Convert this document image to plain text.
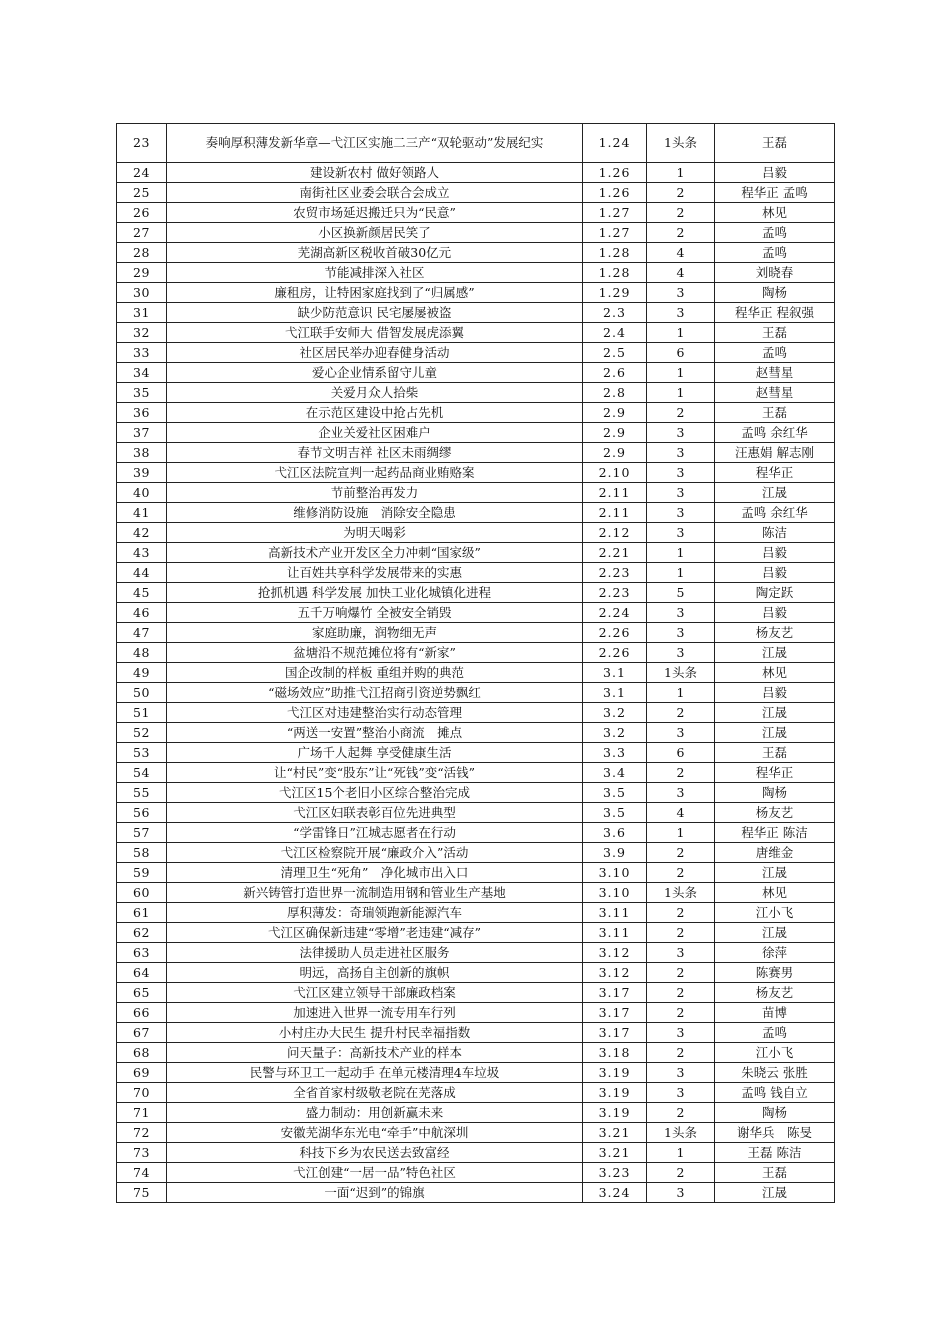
23	奏响厚积薄发新华章—弋江区实施二三产“双轮驱动”发展纪实	1.24	1头条	王磊
24	建设新农村 做好领路人	1.26	1	吕毅
25	南街社区业委会联合会成立	1.26	2	程华正 孟鸣
26	农贸市场延迟搬迁只为“民意”	1.27	2	林见
27	小区换新颜居民笑了	1.27	2	孟鸣
28	芜湖高新区税收首破30亿元	1.28	4	孟鸣
29	节能减排深入社区	1.28	4	刘晓春
30	廉租房，让特困家庭找到了“归属感”	1.29	3	陶杨
31	缺少防范意识 民宅屡屡被盗	2.3	3	程华正 程叙强
32	弋江联手安师大 借智发展虎添翼	2.4	1	王磊
33	社区居民举办迎春健身活动	2.5	6	孟鸣
34	爱心企业情系留守儿童	2.6	1	赵彗星
35	关爱月众人拾柴	2.8	1	赵彗星
36	在示范区建设中抢占先机	2.9	2	王磊
37	企业关爱社区困难户	2.9	3	孟鸣 余红华
38	春节文明吉祥 社区未雨绸缪	2.9	3	汪惠娟 解志刚
39	弋江区法院宣判一起药品商业贿赂案	2.10	3	程华正
40	节前整治再发力	2.11	3	江晟
41	维修消防设施　消除安全隐患	2.11	3	孟鸣 余红华
42	为明天喝彩	2.12	3	陈洁
43	高新技术产业开发区全力冲刺“国家级”	2.21	1	吕毅
44	让百姓共享科学发展带来的实惠	2.23	1	吕毅
45	抢抓机遇 科学发展 加快工业化城镇化进程	2.23	5	陶定跃
46	五千万响爆竹 全被安全销毁	2.24	3	吕毅
47	家庭助廉，润物细无声	2.26	3	杨友艺
48	盆塘沿不规范摊位将有“新家”	2.26	3	江晟
49	国企改制的样板 重组并购的典范	3.1	1头条	林见
50	“磁场效应”助推弋江招商引资逆势飘红	3.1	1	吕毅
51	弋江区对违建整治实行动态管理	3.2	2	江晟
52	“两送一安置”整治小商流　摊点	3.2	3	江晟
53	广场千人起舞 享受健康生活	3.3	6	王磊
54	让“村民”变“股东”让“死钱”变“活钱”	3.4	2	程华正
55	弋江区15个老旧小区综合整治完成	3.5	3	陶杨
56	弋江区妇联表彰百位先进典型	3.5	4	杨友艺
57	“学雷锋日”江城志愿者在行动	3.6	1	程华正 陈洁
58	弋江区检察院开展“廉政介入”活动	3.9	2	唐维金
59	清理卫生“死角”　净化城市出入口	3.10	2	江晟
60	新兴铸管打造世界一流制造用钢和管业生产基地	3.10	1头条	林见
61	厚积薄发：奇瑞领跑新能源汽车	3.11	2	江小飞
62	弋江区确保新违建“零增”老违建“减存”	3.11	2	江晟
63	法律援助人员走进社区服务	3.12	3	徐萍
64	明远，高扬自主创新的旗帜	3.12	2	陈赛男
65	弋江区建立领导干部廉政档案	3.17	2	杨友艺
66	加速进入世界一流专用车行列	3.17	2	苗博
67	小村庄办大民生 提升村民幸福指数	3.17	3	孟鸣
68	问天量子：高新技术产业的样本	3.18	2	江小飞
69	民警与环卫工一起动手 在单元楼清理4车垃圾	3.19	3	朱晓云 张胜
70	全省首家村级敬老院在芜落成	3.19	3	孟鸣 钱自立
71	盛力制动：用创新赢未来	3.19	2	陶杨
72	安徽芜湖华东光电“牵手”中航深圳	3.21	1头条	谢华兵　陈旻
73	科技下乡为农民送去致富经	3.21	1	王磊 陈洁
74	弋江创建“一居一品”特色社区	3.23	2	王磊
75	一面“迟到”的锦旗	3.24	3	江晟
